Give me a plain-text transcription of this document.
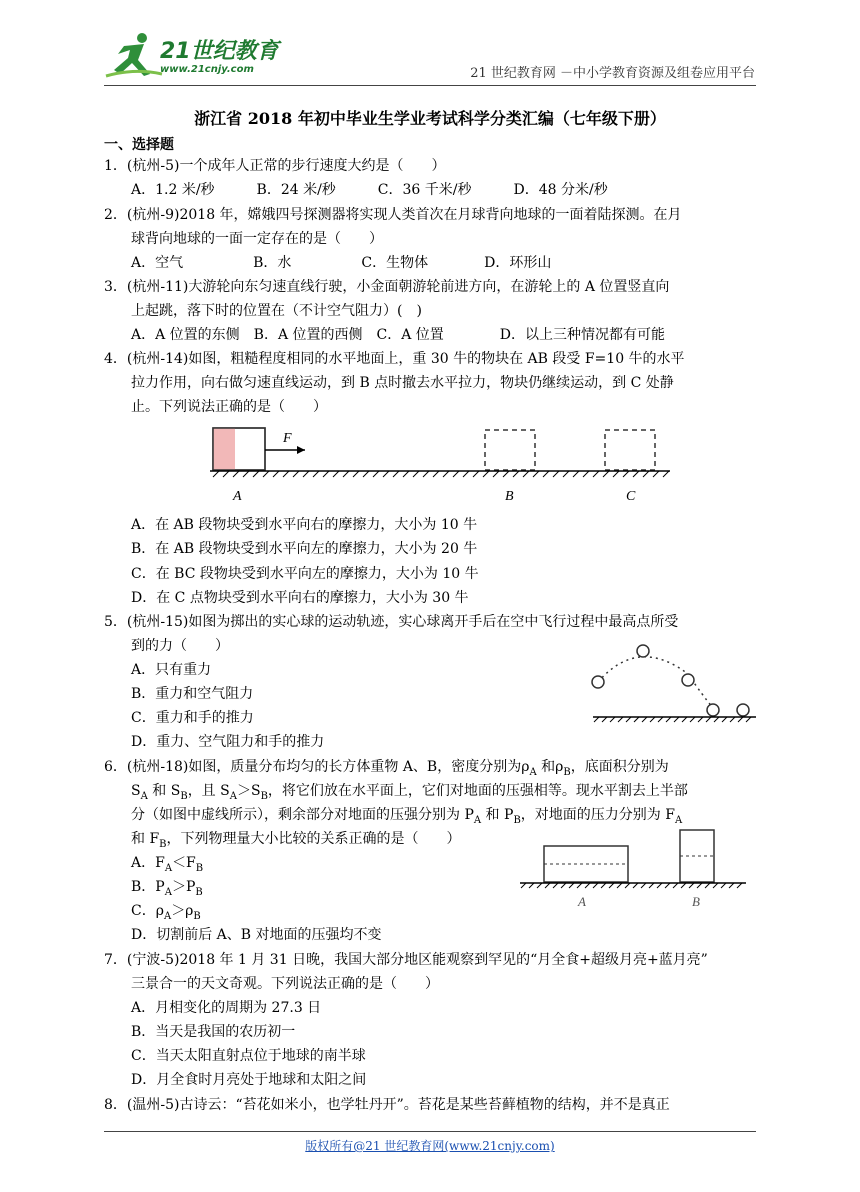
21世纪教育
www.21cnjy.com	21 世纪教育网 －中小学教育资源及组卷应用平台
浙江省 2018 年初中毕业生学业考试科学分类汇编（七年级下册）
一、选择题
1．(杭州-5)一个成年人正常的步行速度大约是（　　）
A．1.2 米/秒　　　B．24 米/秒　　　C．36 千米/秒　　　D．48 分米/秒
2．(杭州-9)2018 年，嫦娥四号探测器将实现人类首次在月球背向地球的一面着陆探测。在月
球背向地球的一面一定存在的是（　　）
A．空气　　　　　B．水　　　　　C．生物体　　　　D．环形山
3．(杭州-11)大游轮向东匀速直线行驶，小金面朝游轮前进方向，在游轮上的 A 位置竖直向
上起跳，落下时的位置在（不计空气阻力）(　)
A．A 位置的东侧　B．A 位置的西侧　C．A 位置　　　　D．以上三种情况都有可能
4．(杭州-14)如图，粗糙程度相同的水平地面上，重 30 牛的物块在 AB 段受 F=10 牛的水平
拉力作用，向右做匀速直线运动，到 B 点时撤去水平拉力，物块仍继续运动，到 C 处静
止。下列说法正确的是（　　）
F
A	B	C
A．在 AB 段物块受到水平向右的摩擦力，大小为 10 牛
B．在 AB 段物块受到水平向左的摩擦力，大小为 20 牛
C．在 BC 段物块受到水平向左的摩擦力，大小为 10 牛
D．在 C 点物块受到水平向右的摩擦力，大小为 30 牛
5．(杭州-15)如图为掷出的实心球的运动轨迹，实心球离开手后在空中飞行过程中最高点所受
到的力（　　）
A．只有重力
B．重力和空气阻力
C．重力和手的推力
D．重力、空气阻力和手的推力
6．(杭州-18)如图，质量分布均匀的长方体重物 A、B，密度分别为$\rho_A$ 和$\rho_B$，底面积分别为
$S_A$ 和 $S_B$，且 $S_A>S_B$，将它们放在水平面上，它们对地面的压强相等。现水平割去上半部
分（如图中虚线所示），剩余部分对地面的压强分别为 $P_A$ 和 $P_B$，对地面的压力分别为 $F_A$
和 $F_B$，下列物理量大小比较的关系正确的是（　　）
A．$F_A<F_B$
B．$P_A>P_B$
C．$\rho_A>\rho_B$
D．切割前后 A、B 对地面的压强均不变
A	B
7．(宁波-5)2018 年 1 月 31 日晚，我国大部分地区能观察到罕见的“月全食+超级月亮+蓝月亮”
三景合一的天文奇观。下列说法正确的是（　　）
A．月相变化的周期为 27.3 日
B．当天是我国的农历初一
C．当天太阳直射点位于地球的南半球
D．月全食时月亮处于地球和太阳之间
8．(温州-5)古诗云：“苔花如米小，也学牡丹开”。苔花是某些苔藓植物的结构，并不是真正
版权所有@21 世纪教育网(www.21cnjy.com)
